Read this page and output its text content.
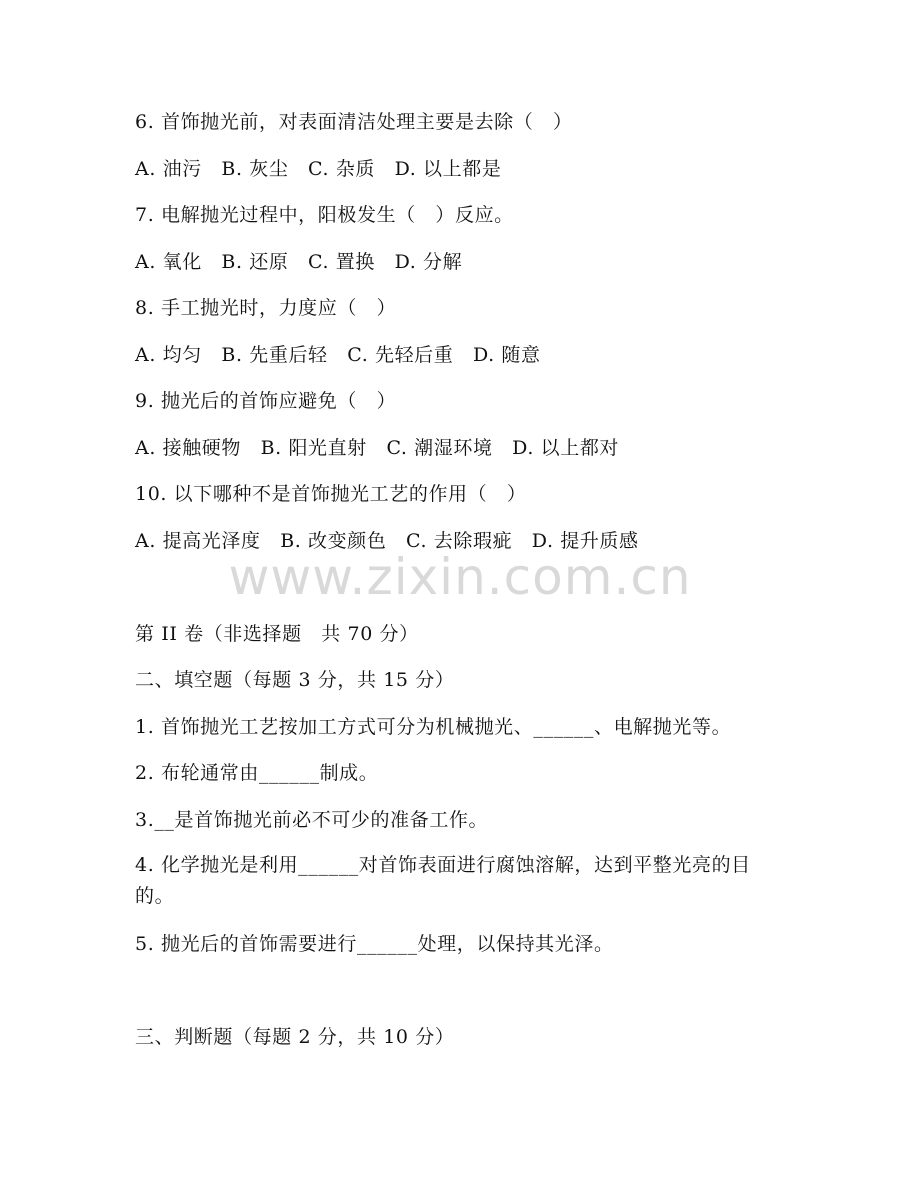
6. 首饰抛光前，对表面清洁处理主要是去除（　）
A. 油污　B. 灰尘　C. 杂质　D. 以上都是
7. 电解抛光过程中，阳极发生（　）反应。
A. 氧化　B. 还原　C. 置换　D. 分解
8. 手工抛光时，力度应（　）
A. 均匀　B. 先重后轻　C. 先轻后重　D. 随意
9. 抛光后的首饰应避免（　）
A. 接触硬物　B. 阳光直射　C. 潮湿环境　D. 以上都对
10. 以下哪种不是首饰抛光工艺的作用（　）
A. 提高光泽度　B. 改变颜色　C. 去除瑕疵　D. 提升质感
www.zixin.com.cn
第 II 卷（非选择题　共 70 分）
二、填空题（每题 3 分，共 15 分）
1. 首饰抛光工艺按加工方式可分为机械抛光、______、电解抛光等。
2. 布轮通常由______制成。
3.__是首饰抛光前必不可少的准备工作。
4. 化学抛光是利用______对首饰表面进行腐蚀溶解，达到平整光亮的目的。
5. 抛光后的首饰需要进行______处理，以保持其光泽。
三、判断题（每题 2 分，共 10 分）
